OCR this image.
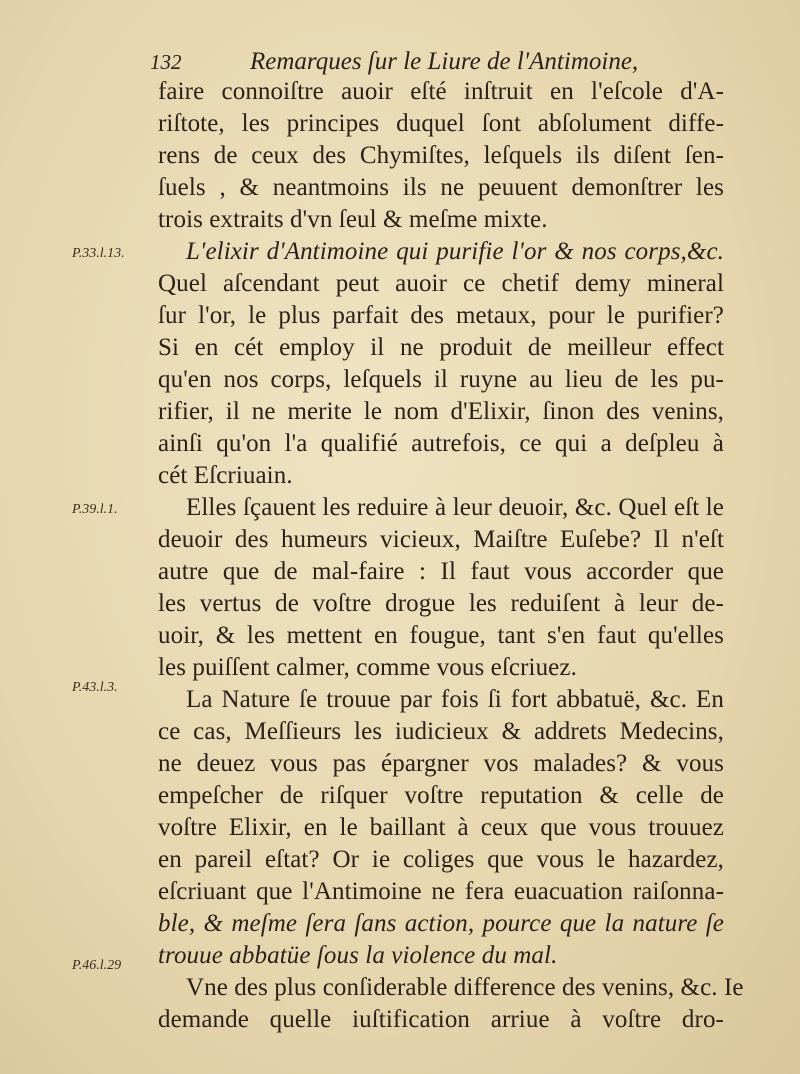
132	Remarques ſur le Liure de l'Antimoine,
P.33.l.13.
P.39.l.1.
P.43.l.3.
P.46.l.29
faire connoiſtre auoir eſté inſtruit en l'eſcole d'A-
riſtote, les principes duquel ſont abſolument diffe-
rens de ceux des Chymiſtes, leſquels ils diſent ſen-
ſuels , & neantmoins ils ne peuuent demonſtrer les
trois extraits d'vn ſeul & meſme mixte.
L'elixir d'Antimoine qui purifie l'or & nos corps,&c.
Quel aſcendant peut auoir ce chetif demy mineral
ſur l'or, le plus parfait des metaux, pour le purifier?
Si en cét employ il ne produit de meilleur effect
qu'en nos corps, leſquels il ruyne au lieu de les pu-
rifier, il ne merite le nom d'Elixir, ſinon des venins,
ainſi qu'on l'a qualifié autrefois, ce qui a deſpleu à
cét Eſcriuain.
Elles ſçauent les reduire à leur deuoir, &c. Quel eſt le
deuoir des humeurs vicieux, Maiſtre Euſebe? Il n'eſt
autre que de mal-faire : Il faut vous accorder que
les vertus de voſtre drogue les reduiſent à leur de-
uoir, & les mettent en fougue, tant s'en faut qu'elles
les puiſſent calmer, comme vous eſcriuez.
La Nature ſe trouue par fois ſi fort abbatuë, &c. En
ce cas, Meſſieurs les iudicieux & addrets Medecins,
ne deuez vous pas épargner vos malades? & vous
empeſcher de riſquer voſtre reputation & celle de
voſtre Elixir, en le baillant à ceux que vous trouuez
en pareil eſtat? Or ie coliges que vous le hazardez,
eſcriuant que l'Antimoine ne fera euacuation raiſonna-
ble, & meſme ſera ſans action, pource que la nature ſe
trouue abbatüe ſous la violence du mal.
Vne des plus conſiderable difference des venins, &c. Ie
demande quelle iuſtification arriue à voſtre dro-
